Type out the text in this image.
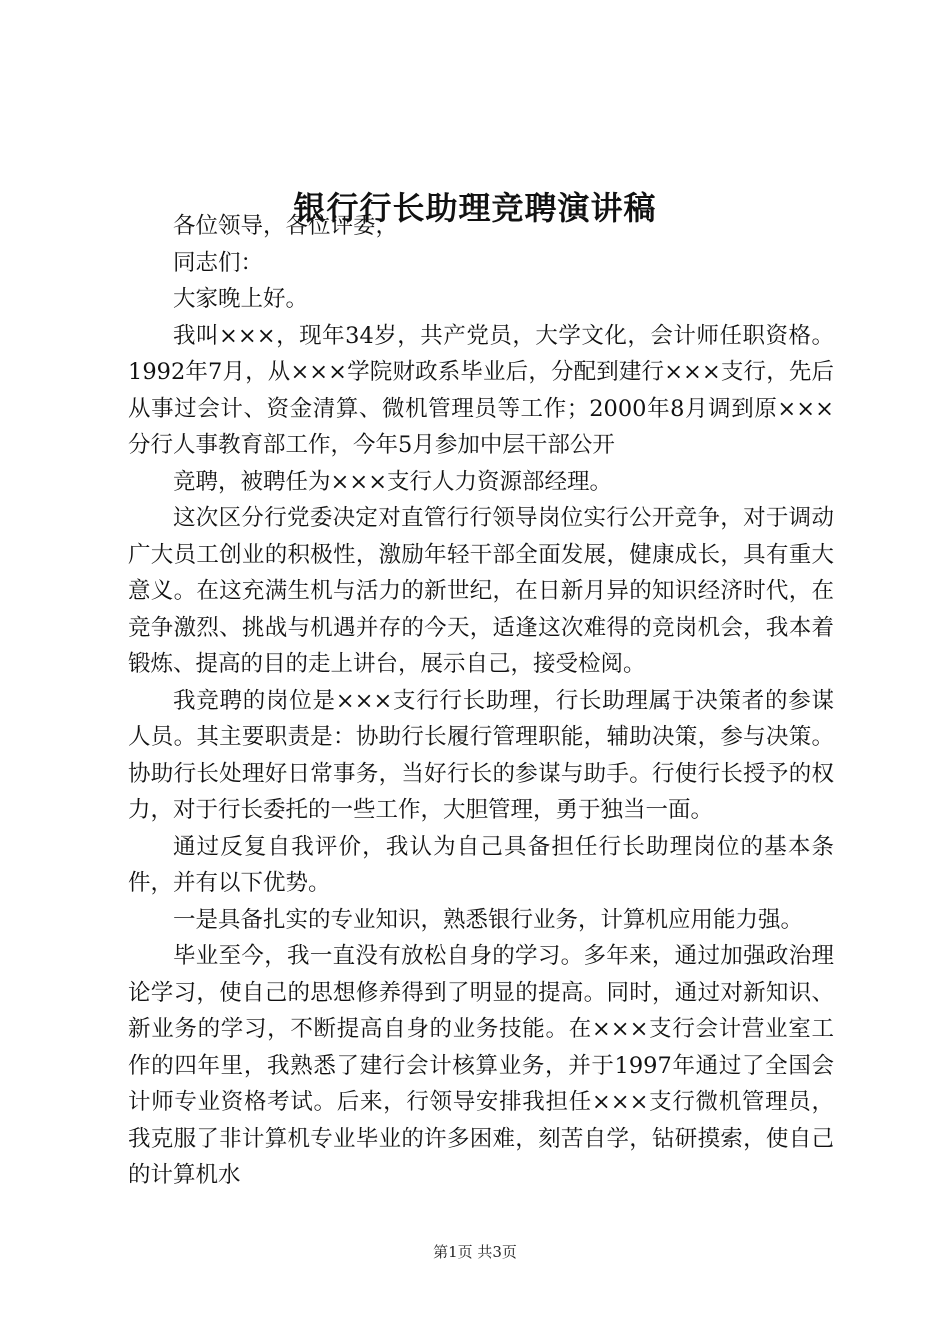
银行行长助理竞聘演讲稿

各位领导，各位评委，

同志们：

大家晚上好。

我叫×××，现年34岁，共产党员，大学文化，会计师任职资格。1992年7月，从×××学院财政系毕业后，分配到建行×××支行，先后从事过会计、资金清算、微机管理员等工作；2000年8月调到原×××分行人事教育部工作，今年5月参加中层干部公开

竞聘，被聘任为×××支行人力资源部经理。

这次区分行党委决定对直管行行领导岗位实行公开竞争，对于调动广大员工创业的积极性，激励年轻干部全面发展，健康成长，具有重大意义。在这充满生机与活力的新世纪，在日新月异的知识经济时代，在竞争激烈、挑战与机遇并存的今天，适逢这次难得的竞岗机会，我本着锻炼、提高的目的走上讲台，展示自己，接受检阅。

我竞聘的岗位是×××支行行长助理，行长助理属于决策者的参谋人员。其主要职责是：协助行长履行管理职能，辅助决策，参与决策。协助行长处理好日常事务，当好行长的参谋与助手。行使行长授予的权力，对于行长委托的一些工作，大胆管理，勇于独当一面。

通过反复自我评价，我认为自己具备担任行长助理岗位的基本条件，并有以下优势。

一是具备扎实的专业知识，熟悉银行业务，计算机应用能力强。

毕业至今，我一直没有放松自身的学习。多年来，通过加强政治理论学习，使自己的思想修养得到了明显的提高。同时，通过对新知识、新业务的学习，不断提高自身的业务技能。在×××支行会计营业室工作的四年里，我熟悉了建行会计核算业务，并于1997年通过了全国会计师专业资格考试。后来，行领导安排我担任×××支行微机管理员，我克服了非计算机专业毕业的许多困难，刻苦自学，钻研摸索，使自己的计算机水

第1页 共3页
